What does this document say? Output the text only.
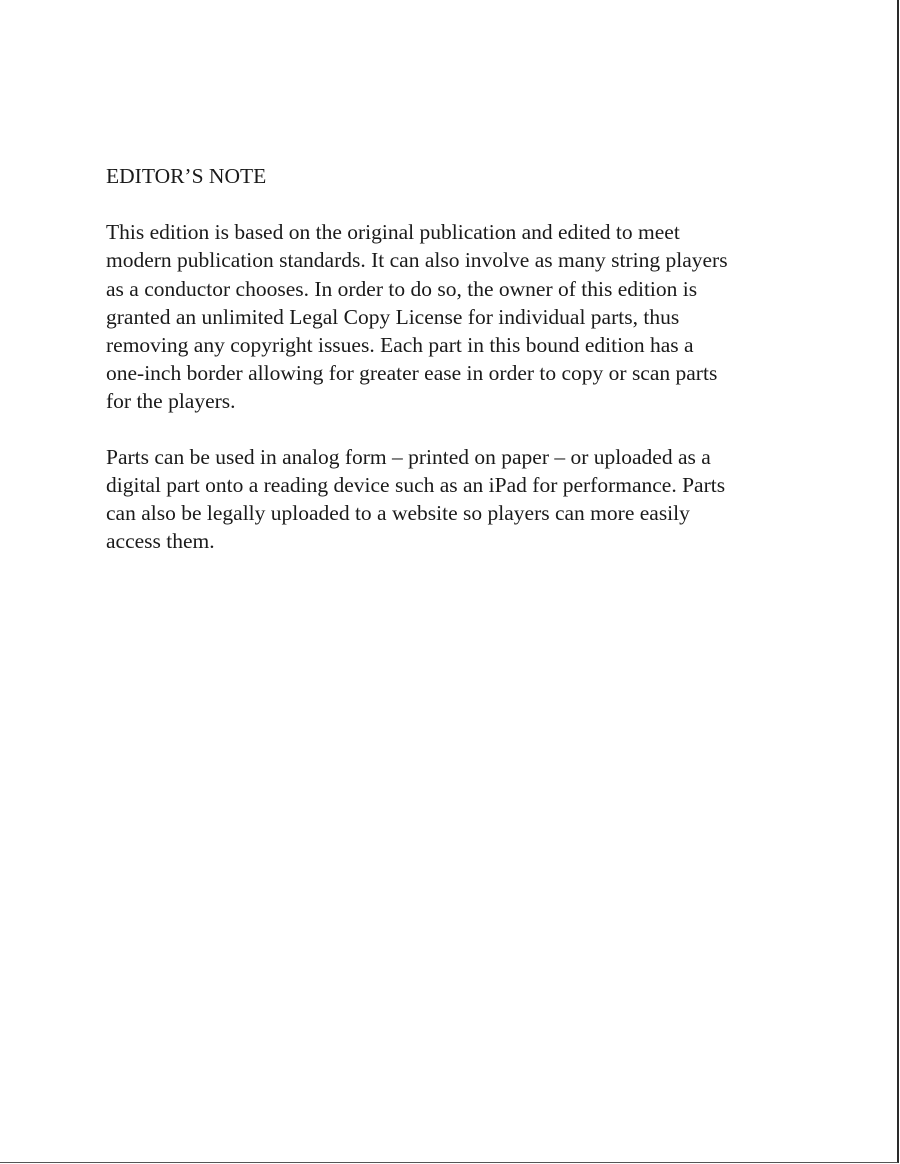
EDITOR’S NOTE

This edition is based on the original publication and edited to meet
modern publication standards. It can also involve as many string players
as a conductor chooses. In order to do so, the owner of this edition is
granted an unlimited Legal Copy License for individual parts, thus
removing any copyright issues. Each part in this bound edition has a
one-inch border allowing for greater ease in order to copy or scan parts
for the players.

Parts can be used in analog form – printed on paper – or uploaded as a
digital part onto a reading device such as an iPad for performance. Parts
can also be legally uploaded to a website so players can more easily
access them.
